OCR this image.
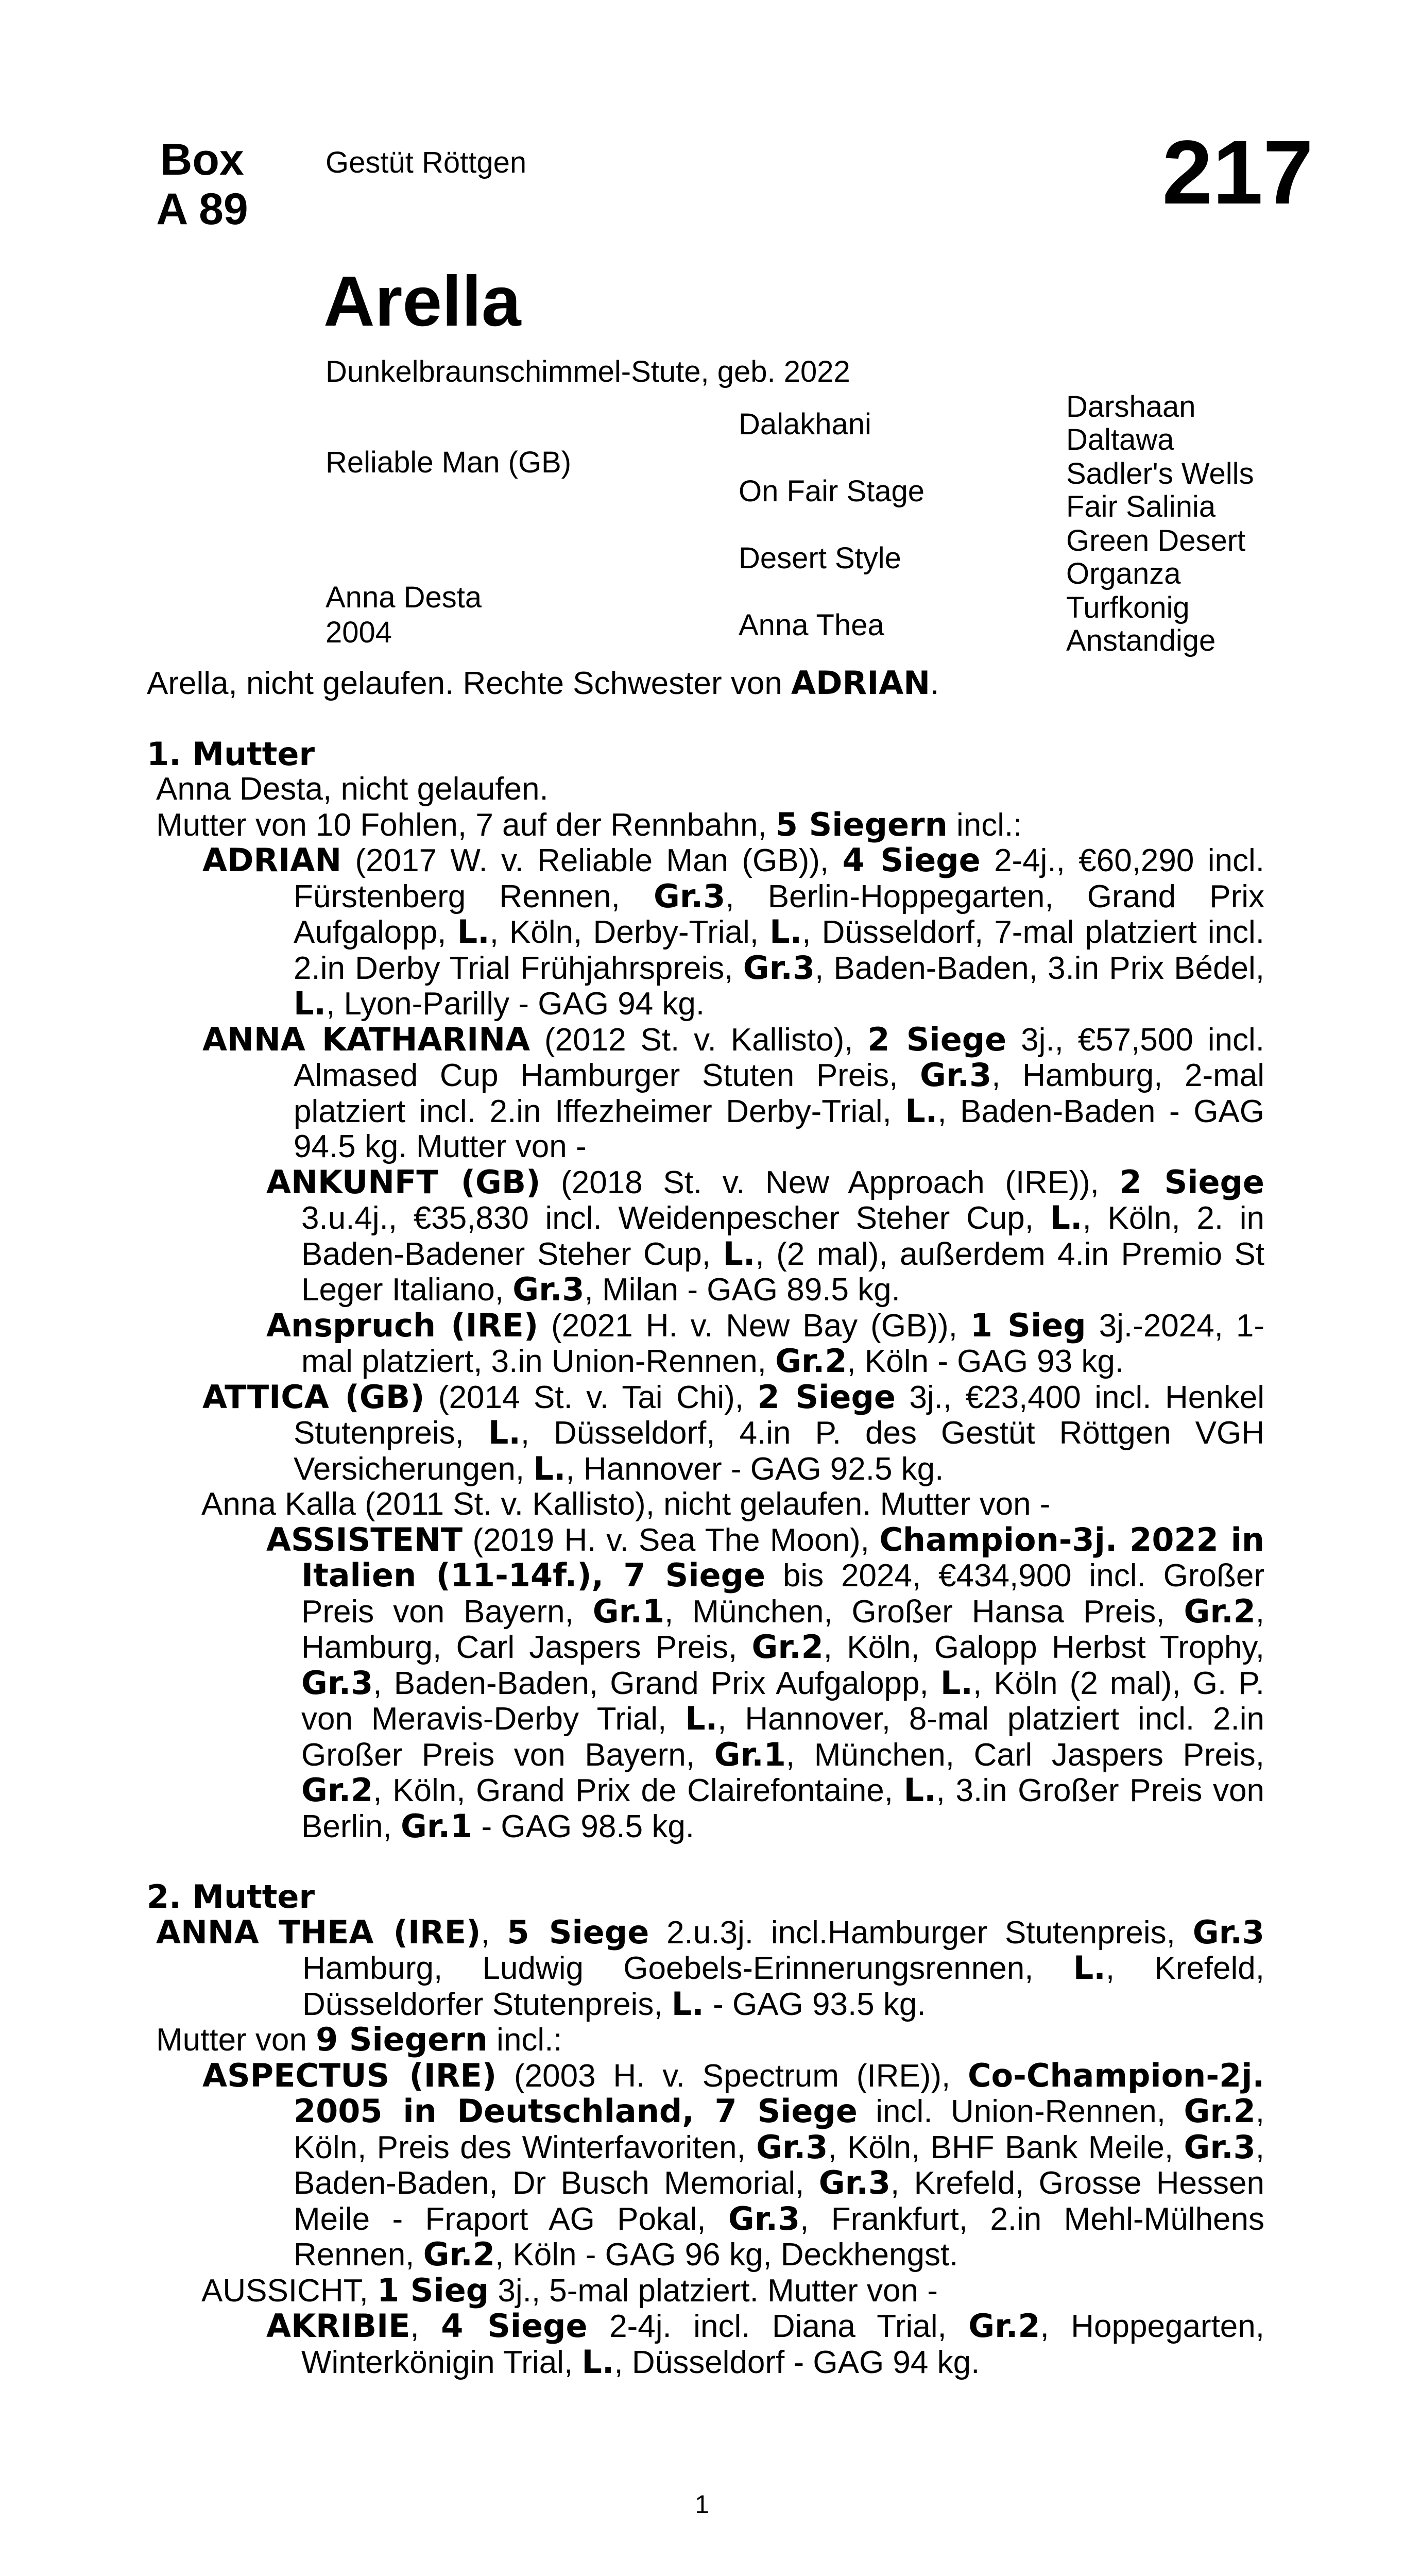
Box
A 89
Gestüt Röttgen	217
Arella
Dunkelbraunschimmel-Stute, geb. 2022
Reliable Man (GB)
Anna Desta
2004
Dalakhani
On Fair Stage
Desert Style
Anna Thea
Darshaan
Daltawa
Sadler's Wells
Fair Salinia
Green Desert
Organza
Turfkonig
Anstandige

Arella, nicht gelaufen. Rechte Schwester von ADRIAN.

1. Mutter

Anna Desta, nicht gelaufen.

Mutter von 10 Fohlen, 7 auf der Rennbahn, 5 Siegern incl.:

ADRIAN (2017 W. v. Reliable Man (GB)), 4 Siege 2-4j., €60,290 incl. Fürstenberg Rennen, Gr.3, Berlin-Hoppegarten, Grand Prix Aufgalopp, L., Köln, Derby-Trial, L., Düsseldorf, 7-mal platziert incl. 2.in Derby Trial Frühjahrspreis, Gr.3, Baden-Baden, 3.in Prix Bédel, L., Lyon-Parilly - GAG 94 kg.

ANNA KATHARINA (2012 St. v. Kallisto), 2 Siege 3j., €57,500 incl. Almased Cup Hamburger Stuten Preis, Gr.3, Hamburg, 2-mal platziert incl. 2.in Iffezheimer Derby-Trial, L., Baden-Baden - GAG 94.5 kg. Mutter von -

ANKUNFT (GB) (2018 St. v. New Approach (IRE)), 2 Siege 3.u.4j., €35,830 incl. Weidenpescher Steher Cup, L., Köln, 2. in Baden-Badener Steher Cup, L., (2 mal), außerdem 4.in Premio St Leger Italiano, Gr.3, Milan - GAG 89.5 kg.

Anspruch (IRE) (2021 H. v. New Bay (GB)), 1 Sieg 3j.-2024, 1-mal platziert, 3.in Union-Rennen, Gr.2, Köln - GAG 93 kg.

ATTICA (GB) (2014 St. v. Tai Chi), 2 Siege 3j., €23,400 incl. Henkel Stutenpreis, L., Düsseldorf, 4.in P. des Gestüt Röttgen VGH Versicherungen, L., Hannover - GAG 92.5 kg.

Anna Kalla (2011 St. v. Kallisto), nicht gelaufen. Mutter von -

ASSISTENT (2019 H. v. Sea The Moon), Champion-3j. 2022 in Italien (11-14f.), 7 Siege bis 2024, €434,900 incl. Großer Preis von Bayern, Gr.1, München, Großer Hansa Preis, Gr.2, Hamburg, Carl Jaspers Preis, Gr.2, Köln, Galopp Herbst Trophy, Gr.3, Baden-Baden, Grand Prix Aufgalopp, L., Köln (2 mal), G. P. von Meravis-Derby Trial, L., Hannover, 8-mal platziert incl. 2.in Großer Preis von Bayern, Gr.1, München, Carl Jaspers Preis, Gr.2, Köln, Grand Prix de Clairefontaine, L., 3.in Großer Preis von Berlin, Gr.1 - GAG 98.5 kg.

2. Mutter

ANNA THEA (IRE), 5 Siege 2.u.3j. incl.Hamburger Stutenpreis, Gr.3 Hamburg, Ludwig Goebels-Erinnerungsrennen, L., Krefeld, Düsseldorfer Stutenpreis, L. - GAG 93.5 kg.

Mutter von 9 Siegern incl.:

ASPECTUS (IRE) (2003 H. v. Spectrum (IRE)), Co-Champion-2j. 2005 in Deutschland, 7 Siege incl. Union-Rennen, Gr.2, Köln, Preis des Winterfavoriten, Gr.3, Köln, BHF Bank Meile, Gr.3, Baden-Baden, Dr Busch Memorial, Gr.3, Krefeld, Grosse Hessen Meile - Fraport AG Pokal, Gr.3, Frankfurt, 2.in Mehl-Mülhens Rennen, Gr.2, Köln - GAG 96 kg, Deckhengst.

AUSSICHT, 1 Sieg 3j., 5-mal platziert. Mutter von -

AKRIBIE, 4 Siege 2-4j. incl. Diana Trial, Gr.2, Hoppegarten, Winterkönigin Trial, L., Düsseldorf - GAG 94 kg.

1
